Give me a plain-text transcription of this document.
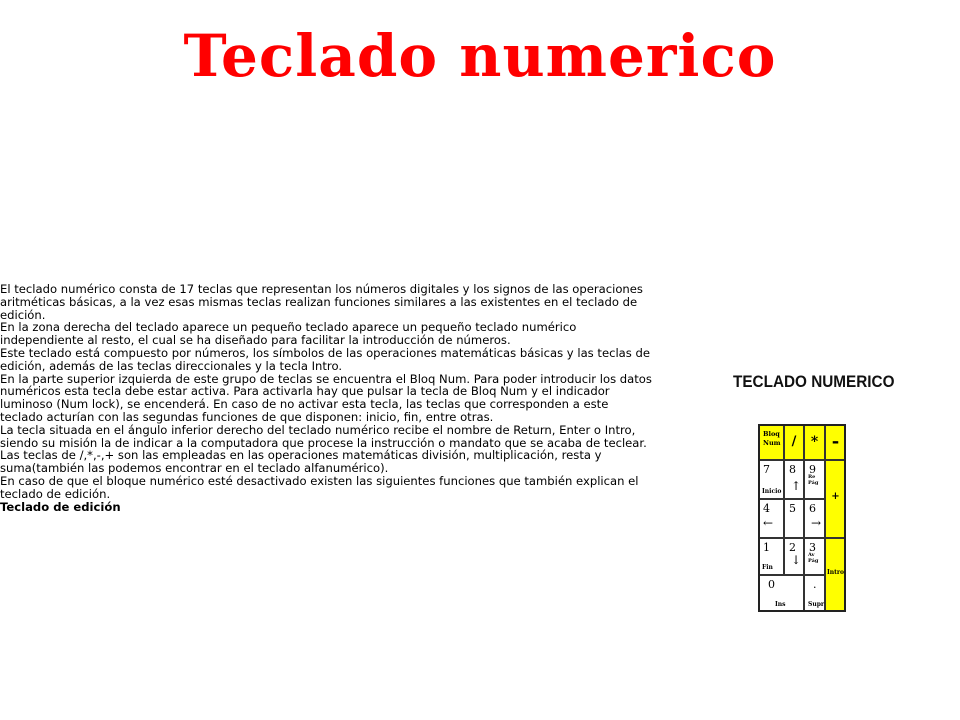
Teclado numerico

El teclado numérico consta de 17 teclas que representan los números digitales y los signos de las operaciones aritméticas básicas, a la vez esas mismas teclas realizan funciones similares a las existentes en el teclado de edición.

En la zona derecha del teclado aparece un pequeño teclado aparece un pequeño teclado numérico independiente al resto, el cual se ha diseñado para facilitar la introducción de números.

Este teclado está compuesto por números, los símbolos de las operaciones matemáticas básicas y las teclas de edición, además de las teclas direccionales y la tecla Intro.

En la parte superior izquierda de este grupo de teclas se encuentra el Bloq Num. Para poder introducir los datos numéricos esta tecla debe estar activa. Para activarla hay que pulsar la tecla de Bloq Num y el indicador luminoso (Num lock), se encenderá. En caso de no activar esta tecla, las teclas que corresponden a este teclado acturían con las segundas funciones de que disponen: inicio, fin, entre otras.

La tecla situada en el ángulo inferior derecho del teclado numérico recibe el nombre de Return, Enter o Intro, siendo su misión la de indicar a la computadora que procese la instrucción o mandato que se acaba de teclear.

Las teclas de /,*,-,+ son las empleadas en las operaciones matemáticas división, multiplicación, resta y suma(también las podemos encontrar en el teclado alfanumérico).

En caso de que el bloque numérico esté desactivado existen las siguientes funciones que también explican el teclado de edición.

Teclado de edición

TECLADO NUMERICO
Bloq
Num /	* -
7
Inicio
8
↑
9
Re Pág
+
4
←
5 6
→
1
Fin
2
↓
3
Av Pág
Intro
0
Ins
.
Supr
